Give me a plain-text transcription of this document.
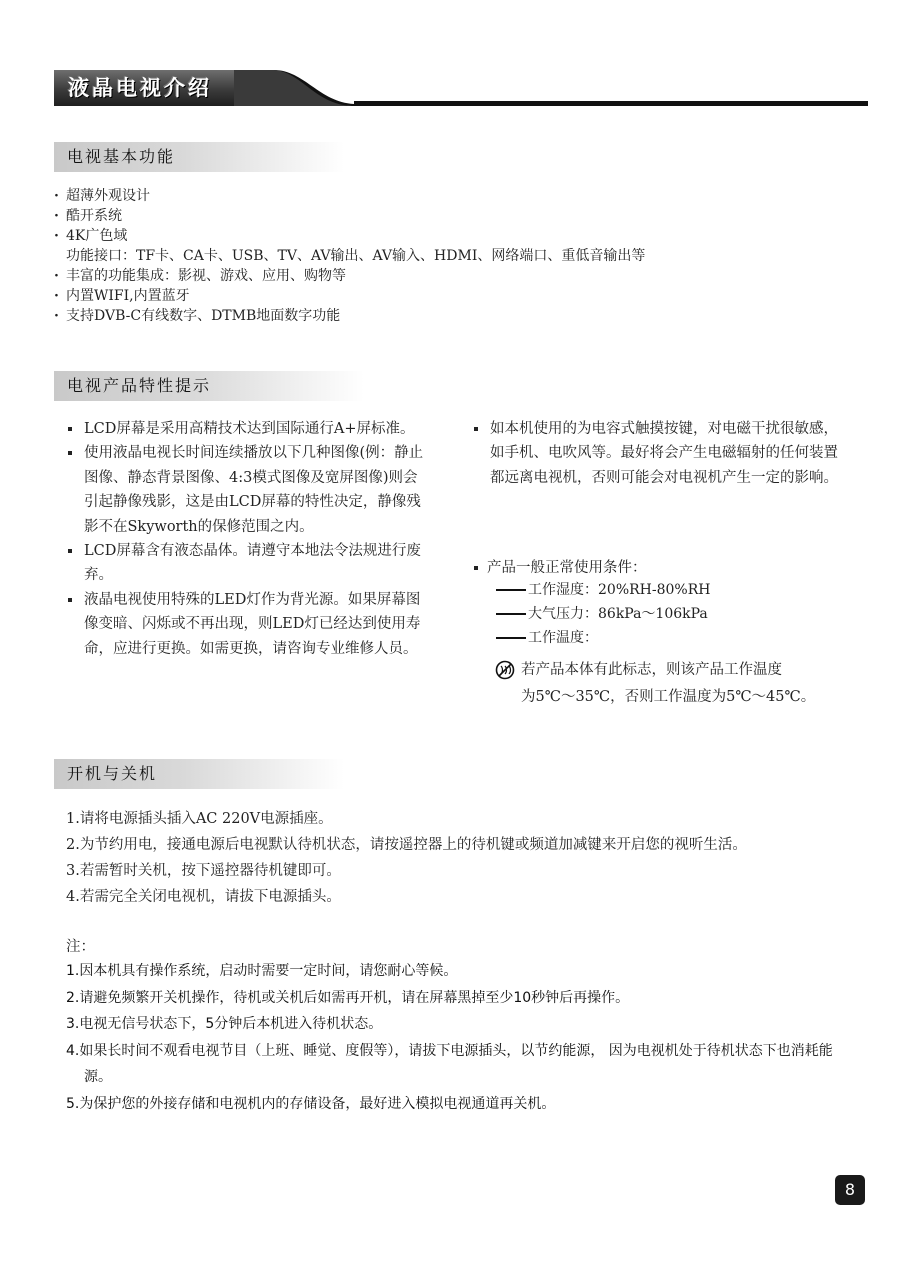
液晶电视介绍
电视基本功能
· 超薄外观设计
· 酷开系统
· 4K广色域
功能接口：TF卡、CA卡、USB、TV、AV输出、AV输入、HDMI、网络端口、重低音输出等
· 丰富的功能集成：影视、游戏、应用、购物等
· 内置WIFI,内置蓝牙
· 支持DVB-C有线数字、DTMB地面数字功能
电视产品特性提示
LCD屏幕是采用高精技术达到国际通行A+屏标准。
使用液晶电视长时间连续播放以下几种图像(例：静止图像、静态背景图像、4:3模式图像及宽屏图像)则会引起静像残影，这是由LCD屏幕的特性决定，静像残影不在Skyworth的保修范围之内。
LCD屏幕含有液态晶体。请遵守本地法令法规进行废弃。
液晶电视使用特殊的LED灯作为背光源。如果屏幕图像变暗、闪烁或不再出现，则LED灯已经达到使用寿命，应进行更换。如需更换，请咨询专业维修人员。
如本机使用的为电容式触摸按键，对电磁干扰很敏感，如手机、电吹风等。最好将会产生电磁辐射的任何装置都远离电视机，否则可能会对电视机产生一定的影响。
产品一般正常使用条件：
工作湿度：20%RH-80%RH
大气压力：86kPa～106kPa
工作温度：
若产品本体有此标志，则该产品工作温度
为5℃～35℃，否则工作温度为5℃～45℃。
开机与关机
1.请将电源插头插入AC 220V电源插座。
2.为节约用电，接通电源后电视默认待机状态，请按遥控器上的待机键或频道加减键来开启您的视听生活。
3.若需暂时关机，按下遥控器待机键即可。
4.若需完全关闭电视机，请拔下电源插头。
注：
1.因本机具有操作系统，启动时需要一定时间，请您耐心等候。
2.请避免频繁开关机操作，待机或关机后如需再开机，请在屏幕黑掉至少10秒钟后再操作。
3.电视无信号状态下，5分钟后本机进入待机状态。
4.如果长时间不观看电视节目（上班、睡觉、度假等），请拔下电源插头，以节约能源， 因为电视机处于待机状态下也消耗能源。
5.为保护您的外接存储和电视机内的存储设备，最好进入模拟电视通道再关机。
8
